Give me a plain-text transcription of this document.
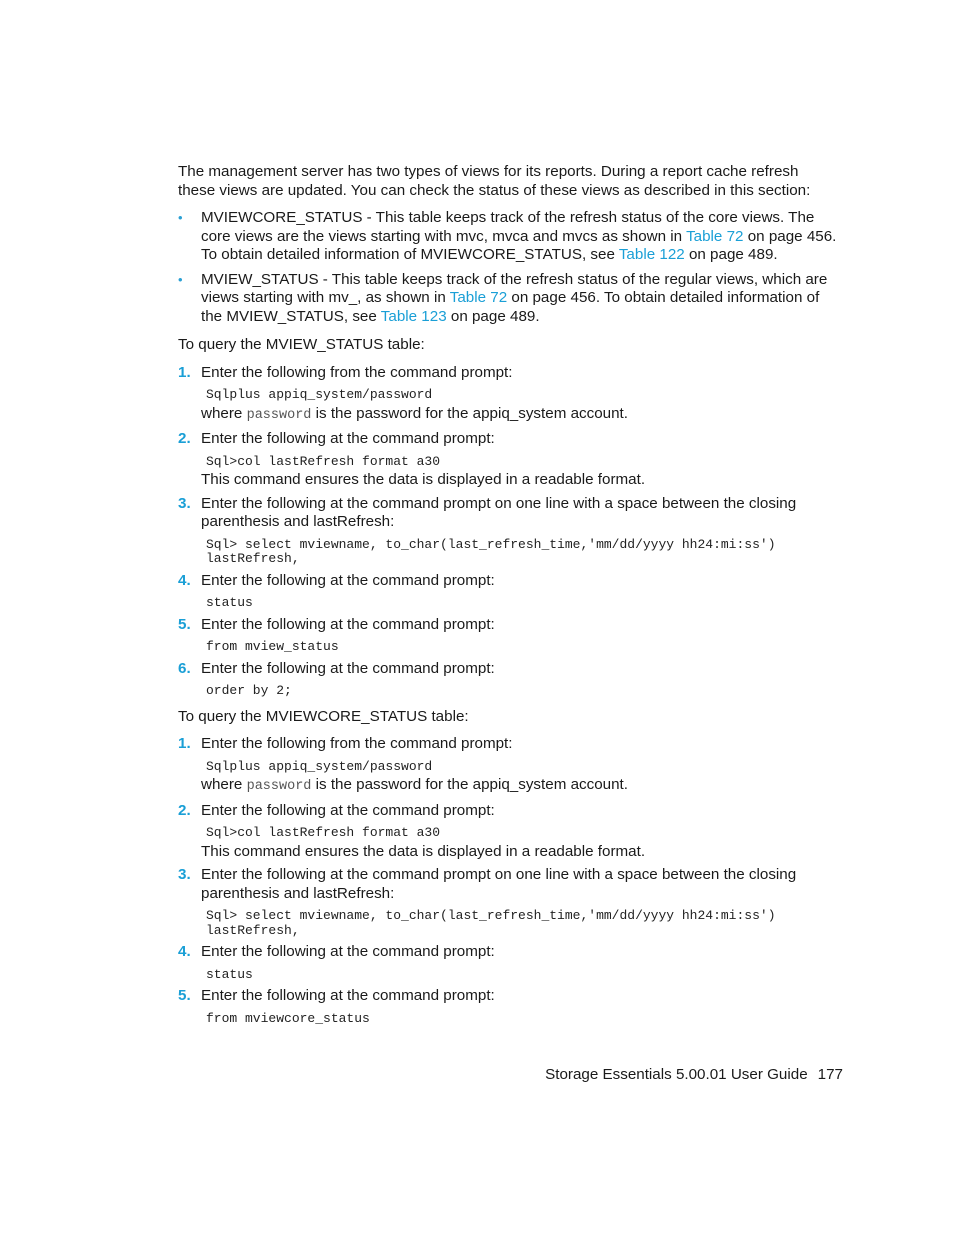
The management server has two types of views for its reports. During a report cache refresh these views are updated. You can check the status of these views as described in this section:

• MVIEWCORE_STATUS - This table keeps track of the refresh status of the core views. The core views are the views starting with mvc, mvca and mvcs as shown in Table 72 on page 456. To obtain detailed information of MVIEWCORE_STATUS, see Table 122 on page 489.
• MVIEW_STATUS - This table keeps track of the refresh status of the regular views, which are views starting with mv_, as shown in Table 72 on page 456. To obtain detailed information of the MVIEW_STATUS, see Table 123 on page 489.

To query the MVIEW_STATUS table:

1. Enter the following from the command prompt:

Sqlplus appiq_system/password

where password is the password for the appiq_system account.

2. Enter the following at the command prompt:

Sql>col lastRefresh format a30

This command ensures the data is displayed in a readable format.

3. Enter the following at the command prompt on one line with a space between the closing parenthesis and lastRefresh:

Sql> select mviewname, to_char(last_refresh_time,'mm/dd/yyyy hh24:mi:ss')
lastRefresh,
4. Enter the following at the command prompt:

status
5. Enter the following at the command prompt:

from mview_status
6. Enter the following at the command prompt:

order by 2;

To query the MVIEWCORE_STATUS table:

1. Enter the following from the command prompt:

Sqlplus appiq_system/password

where password is the password for the appiq_system account.

2. Enter the following at the command prompt:

Sql>col lastRefresh format a30

This command ensures the data is displayed in a readable format.

3. Enter the following at the command prompt on one line with a space between the closing parenthesis and lastRefresh:

Sql> select mviewname, to_char(last_refresh_time,'mm/dd/yyyy hh24:mi:ss')
lastRefresh,
4. Enter the following at the command prompt:

status
5. Enter the following at the command prompt:

from mviewcore_status
Storage Essentials 5.00.01 User Guide 177
